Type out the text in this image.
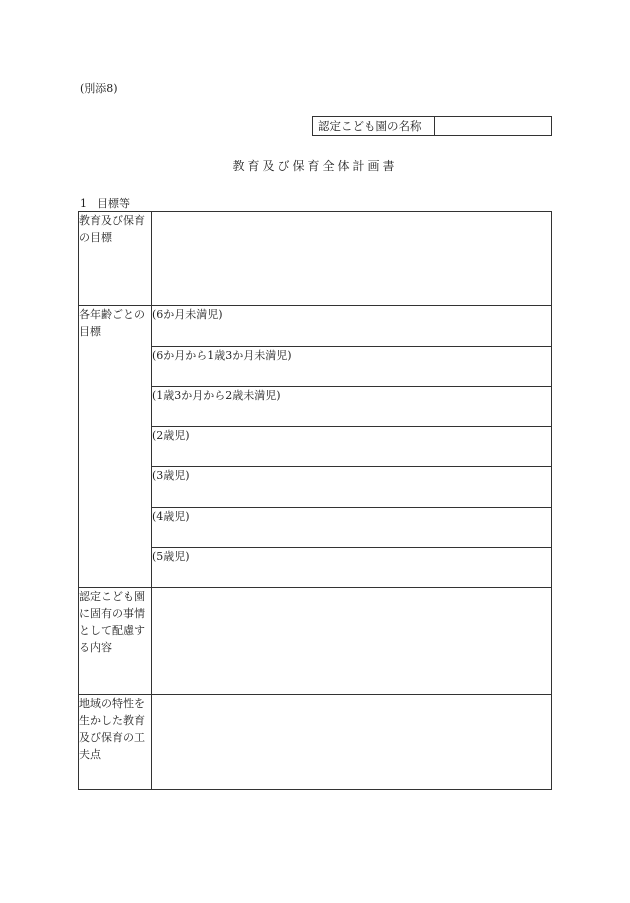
(別添8)
認定こども園の名称
教育及び保育全体計画書
1 目標等
教育及び保育の目標	
各年齢ごとの目標	(6か月未満児)
	(6か月から1歳3か月未満児)
	(1歳3か月から2歳未満児)
	(2歳児)
	(3歳児)
	(4歳児)
	(5歳児)
認定こども園に固有の事情として配慮する内容	
地域の特性を生かした教育及び保育の工夫点	
